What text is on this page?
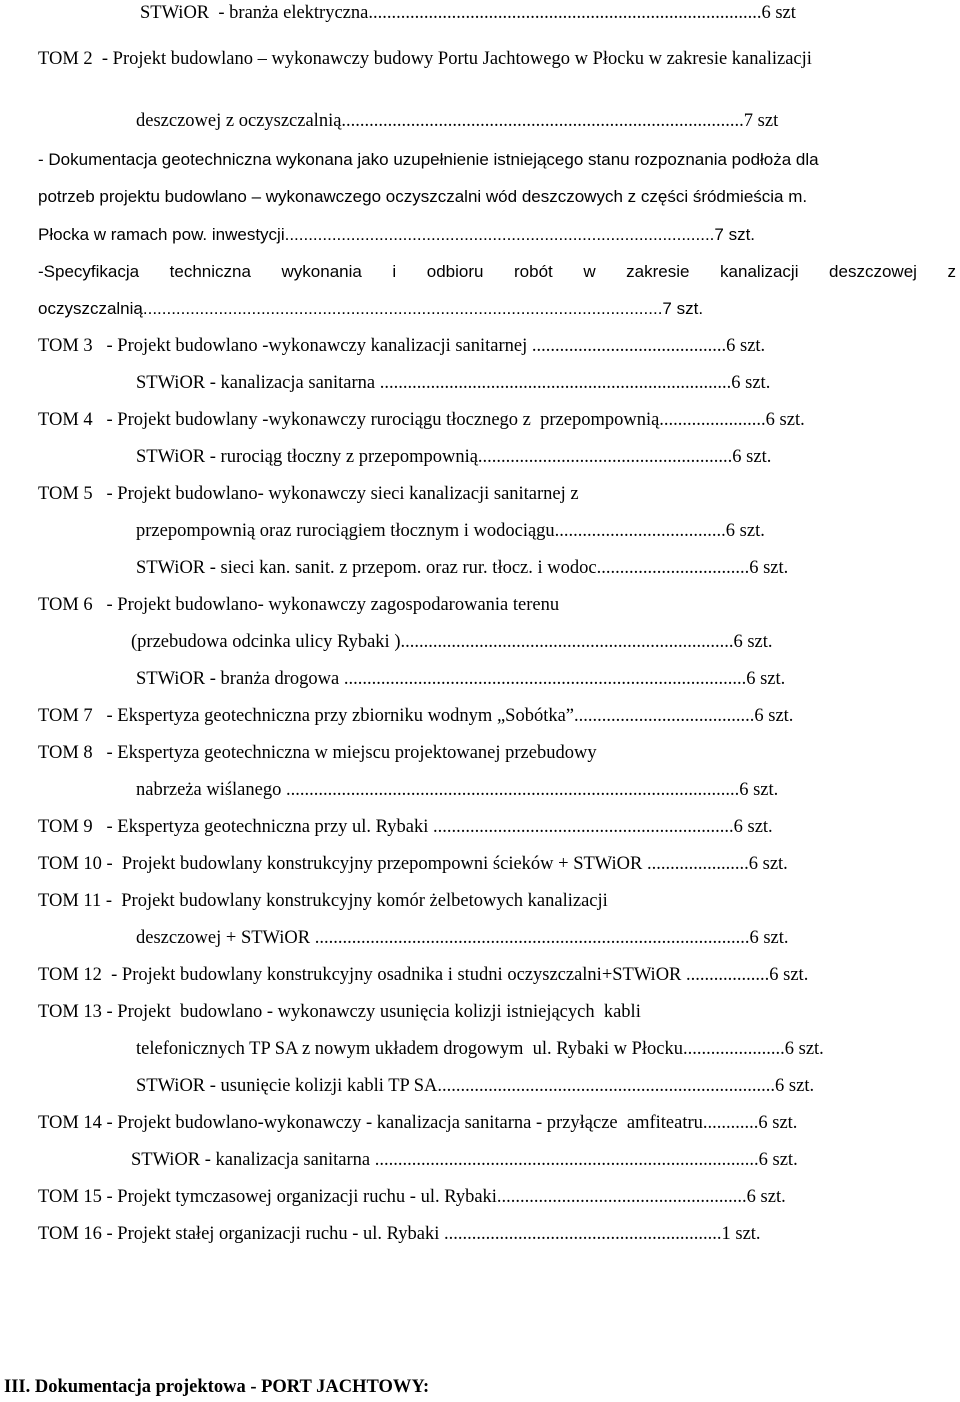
STWiOR  - branża elektryczna.....................................................................................6 szt
TOM 2  - Projekt budowlano – wykonawczy budowy Portu Jachtowego w Płocku w zakresie kanalizacji
deszczowej z oczyszczalnią.......................................................................................7 szt
- Dokumentacja geotechniczna wykonana jako uzupełnienie istniejącego stanu rozpoznania podłoża dla
potrzeb projektu budowlano – wykonawczego oczyszczalni wód deszczowych z części śródmieścia m.
Płocka w ramach pow. inwestycji...........................................................................................7 szt.
-Specyfikacja techniczna wykonania i odbioru robót w zakresie kanalizacji deszczowej z
oczyszczalnią..............................................................................................................7 szt.
TOM 3   - Projekt budowlano -wykonawczy kanalizacji sanitarnej ..........................................6 szt.
STWiOR - kanalizacja sanitarna ............................................................................6 szt.
TOM 4   - Projekt budowlany -wykonawczy rurociągu tłocznego z  przepompownią.......................6 szt.
STWiOR - rurociąg tłoczny z przepompownią.......................................................6 szt.
TOM 5   - Projekt budowlano- wykonawczy sieci kanalizacji sanitarnej z
przepompownią oraz rurociągiem tłocznym i wodociągu.....................................6 szt.
STWiOR - sieci kan. sanit. z przepom. oraz rur. tłocz. i wodoc.................................6 szt.
TOM 6   - Projekt budowlano- wykonawczy zagospodarowania terenu
(przebudowa odcinka ulicy Rybaki )........................................................................6 szt.
STWiOR - branża drogowa .......................................................................................6 szt.
TOM 7   - Ekspertyza geotechniczna przy zbiorniku wodnym „Sobótka”.......................................6 szt.
TOM 8   - Ekspertyza geotechniczna w miejscu projektowanej przebudowy
nabrzeża wiślanego ..................................................................................................6 szt.
TOM 9   - Ekspertyza geotechniczna przy ul. Rybaki .................................................................6 szt.
TOM 10 -  Projekt budowlany konstrukcyjny przepompowni ścieków + STWiOR ......................6 szt.
TOM 11 -  Projekt budowlany konstrukcyjny komór żelbetowych kanalizacji
deszczowej + STWiOR ..............................................................................................6 szt.
TOM 12  - Projekt budowlany konstrukcyjny osadnika i studni oczyszczalni+STWiOR ..................6 szt.
TOM 13 - Projekt  budowlano - wykonawczy usunięcia kolizji istniejących  kabli
telefonicznych TP SA z nowym układem drogowym  ul. Rybaki w Płocku......................6 szt.
STWiOR - usunięcie kolizji kabli TP SA.........................................................................6 szt.
TOM 14 - Projekt budowlano-wykonawczy - kanalizacja sanitarna - przyłącze  amfiteatru............6 szt.
STWiOR - kanalizacja sanitarna ...................................................................................6 szt.
TOM 15 - Projekt tymczasowej organizacji ruchu - ul. Rybaki......................................................6 szt.
TOM 16 - Projekt stałej organizacji ruchu - ul. Rybaki ............................................................1 szt.
III. Dokumentacja projektowa - PORT JACHTOWY:
